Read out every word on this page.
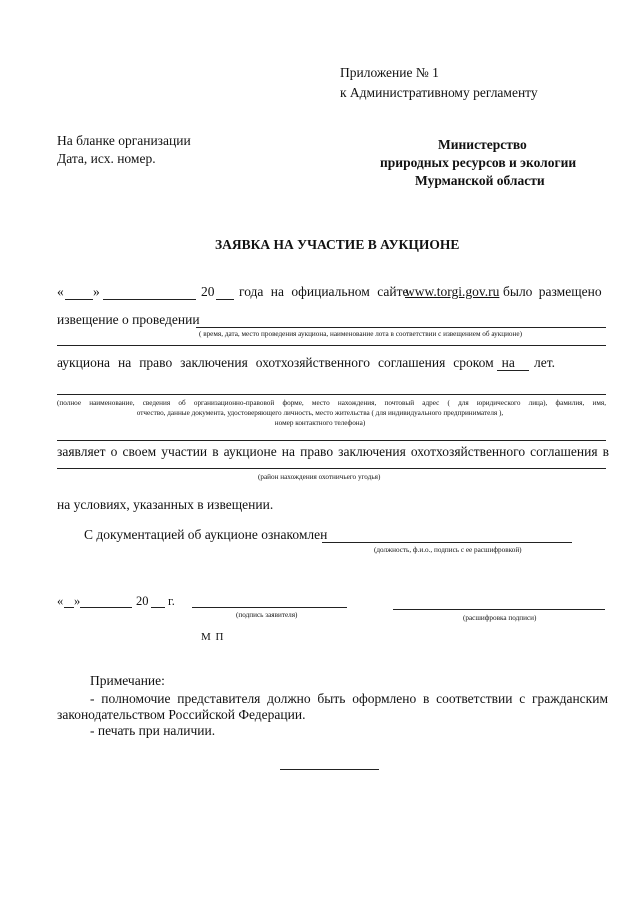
Приложение № 1
к Административному регламенту
На бланке организации
Дата, исх. номер.
Министерство
природных ресурсов и экологии
Мурманской области
ЗАЯВКА НА УЧАСТИЕ В АУКЦИОНЕ
« »	20 года на официальном сайте
www.torgi.gov.ru было размещено
извещение о проведении
( время, дата, место проведения аукциона, наименование лота в соответствии с извещением об аукционе)
аукциона на право заключения охотхозяйственного соглашения сроком на лет.
(полное наименование, сведения об организационно-правовой форме, место нахождения, почтовый адрес ( для юридического лица), фамилия, имя,
отчество, данные документа, удостоверяющего личность, место жительства ( для индивидуального предпринимателя ),
номер контактного телефона)
заявляет о своем участии в аукционе на право заключения охотхозяйственного соглашения в
(район нахождения охотничьего угодья)
на условиях, указанных в извещении.
С документацией об аукционе ознакомлен
(должность, ф.и.о., подпись с ее расшифровкой)
« »	20 г.
(подпись заявителя)	(расшифровка подписи)
М П
Примечание:
- полномочие представителя должно быть оформлено в соответствии с гражданским
законодательством Российской Федерации.
- печать при наличии.
